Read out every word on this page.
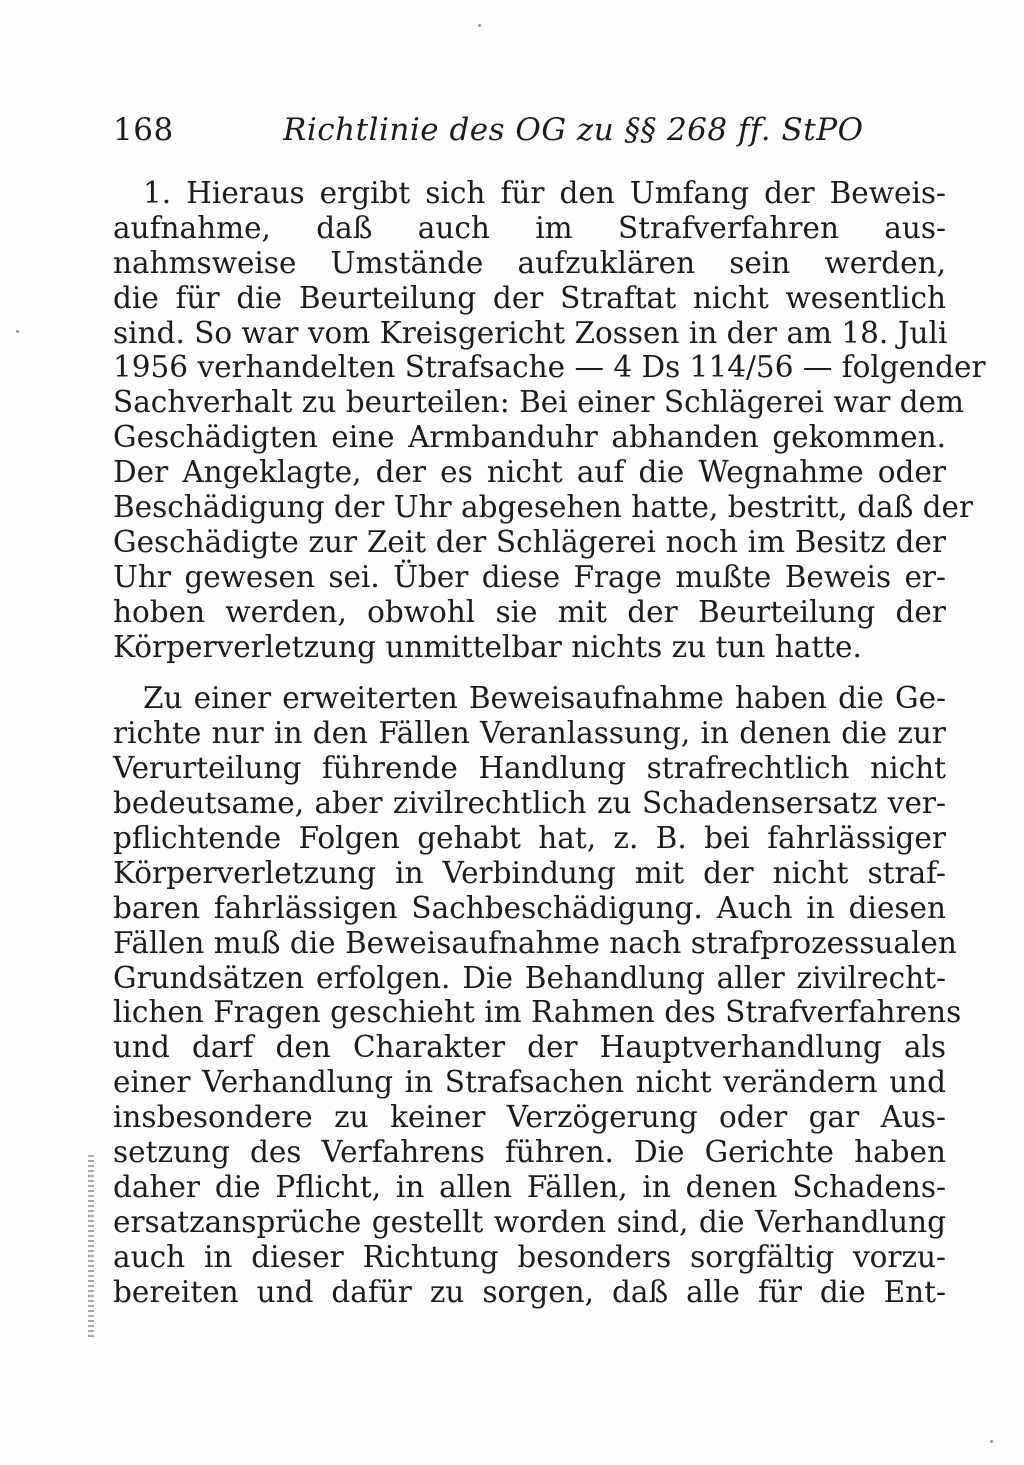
168	Richtlinie des OG zu §§ 268 ff. StPO

1. Hieraus ergibt sich für den Umfang der Beweis-
aufnahme, daß auch im Strafverfahren aus-
nahmsweise Umstände aufzuklären sein werden,
die für die Beurteilung der Straftat nicht wesentlich
sind. So war vom Kreisgericht Zossen in der am 18. Juli
1956 verhandelten Strafsache — 4 Ds 114/56 — folgender
Sachverhalt zu beurteilen: Bei einer Schlägerei war dem
Geschädigten eine Armbanduhr abhanden gekommen.
Der Angeklagte, der es nicht auf die Wegnahme oder
Beschädigung der Uhr abgesehen hatte, bestritt, daß der
Geschädigte zur Zeit der Schlägerei noch im Besitz der
Uhr gewesen sei. Über diese Frage mußte Beweis er-
hoben werden, obwohl sie mit der Beurteilung der
Körperverletzung unmittelbar nichts zu tun hatte.

Zu einer erweiterten Beweisaufnahme haben die Ge-
richte nur in den Fällen Veranlassung, in denen die zur
Verurteilung führende Handlung strafrechtlich nicht
bedeutsame, aber zivilrechtlich zu Schadensersatz ver-
pflichtende Folgen gehabt hat, z. B. bei fahrlässiger
Körperverletzung in Verbindung mit der nicht straf-
baren fahrlässigen Sachbeschädigung. Auch in diesen
Fällen muß die Beweisaufnahme nach strafprozessualen
Grundsätzen erfolgen. Die Behandlung aller zivilrecht-
lichen Fragen geschieht im Rahmen des Strafverfahrens
und darf den Charakter der Hauptverhandlung als
einer Verhandlung in Strafsachen nicht verändern und
insbesondere zu keiner Verzögerung oder gar Aus-
setzung des Verfahrens führen. Die Gerichte haben
daher die Pflicht, in allen Fällen, in denen Schadens-
ersatzansprüche gestellt worden sind, die Verhandlung
auch in dieser Richtung besonders sorgfältig vorzu-
bereiten und dafür zu sorgen, daß alle für die Ent-
